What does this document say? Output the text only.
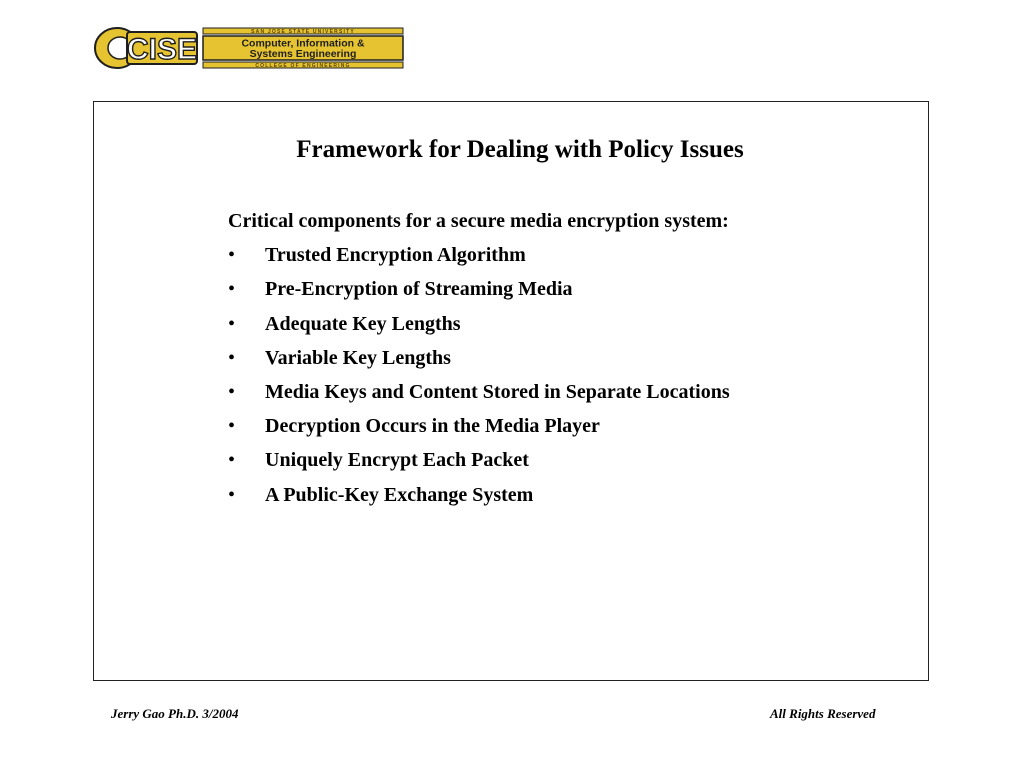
CISE
SAN JOSE STATE UNIVERSITY
Computer, Information &
Systems Engineering
COLLEGE OF ENGINEERING
Framework for Dealing with Policy Issues
Critical components for a secure media encryption system:
• Trusted Encryption Algorithm
• Pre-Encryption of Streaming Media
• Adequate Key Lengths
• Variable Key Lengths
• Media Keys and Content Stored in Separate Locations
• Decryption Occurs in the Media Player
• Uniquely Encrypt Each Packet
• A Public-Key Exchange System
Jerry Gao Ph.D. 3/2004	All Rights Reserved
